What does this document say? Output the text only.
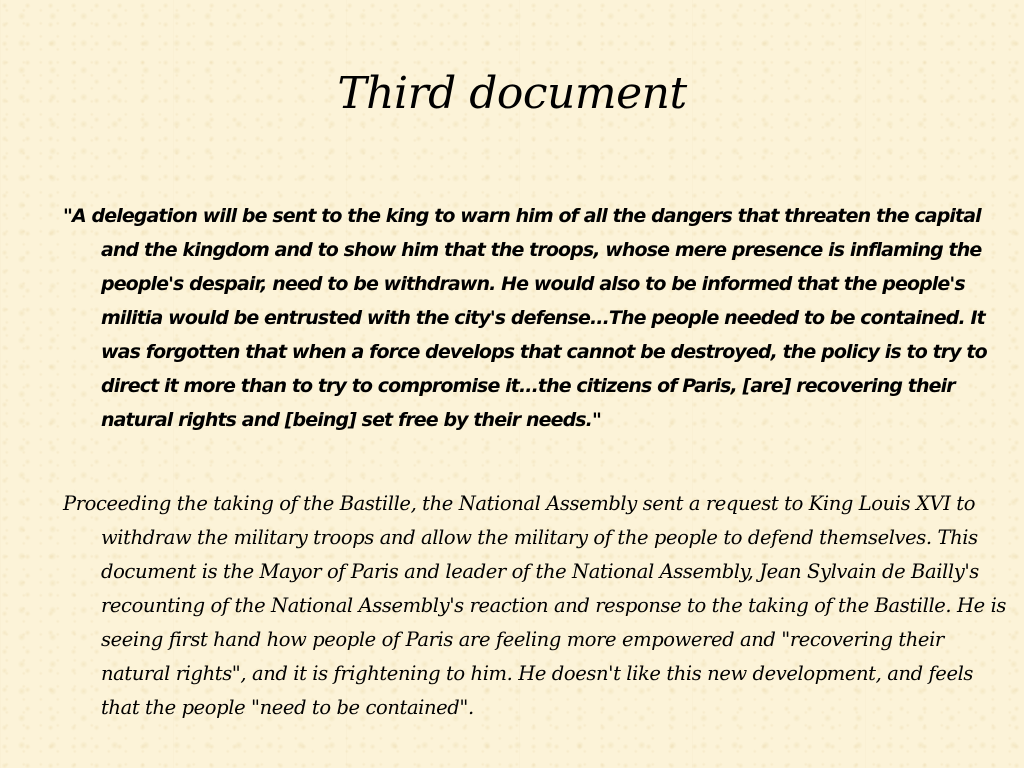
Third document

"A delegation will be sent to the king to warn him of all the dangers that threaten the capital and the kingdom and to show him that the troops, whose mere presence is inflaming the people's despair, need to be withdrawn. He would also to be informed that the people's militia would be entrusted with the city's defense...The people needed to be contained. It was forgotten that when a force develops that cannot be destroyed, the policy is to try to direct it more than to try to compromise it...the citizens of Paris, [are] recovering their natural rights and [being] set free by their needs."

Proceeding the taking of the Bastille, the National Assembly sent a request to King Louis XVI to withdraw the military troops and allow the military of the people to defend themselves. This document is the Mayor of Paris and leader of the National Assembly, Jean Sylvain de Bailly's recounting of the National Assembly's reaction and response to the taking of the Bastille. He is seeing first hand how people of Paris are feeling more empowered and "recovering their natural rights", and it is frightening to him. He doesn't like this new development, and feels that the people "need to be contained".
